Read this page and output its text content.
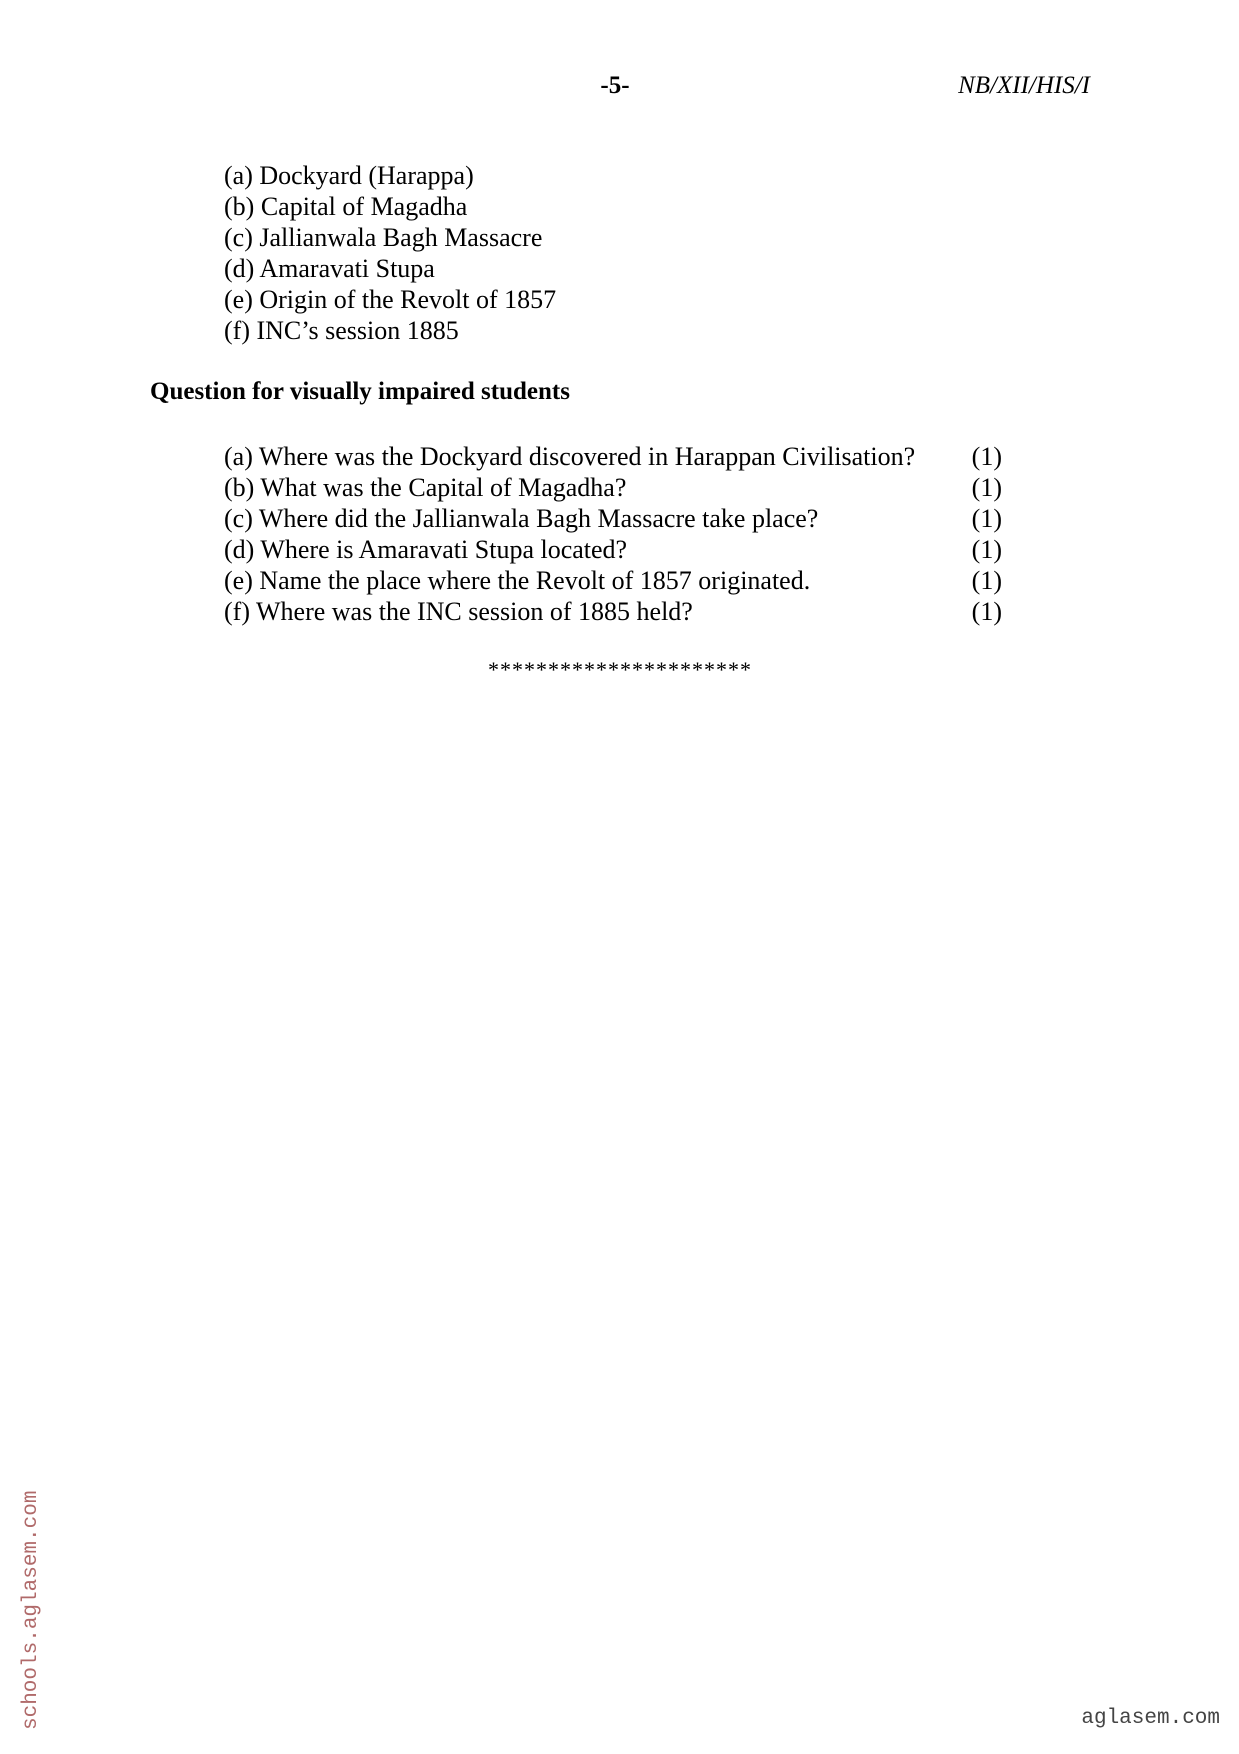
-5-	NB/XII/HIS/I
(a) Dockyard (Harappa)
(b) Capital of Magadha
(c) Jallianwala Bagh Massacre
(d) Amaravati Stupa
(e) Origin of the Revolt of 1857
(f) INC’s session 1885
Question for visually impaired students
(a) Where was the Dockyard discovered in Harappan Civilisation? (1)
(b) What was the Capital of Magadha?	(1)
(c) Where did the Jallianwala Bagh Massacre take place?	(1)
(d) Where is Amaravati Stupa located?	(1)
(e) Name the place where the Revolt of 1857 originated.	(1)
(f) Where was the INC session of 1885 held?	(1)
**********************
schools.aglasem.com	aglasem.com
